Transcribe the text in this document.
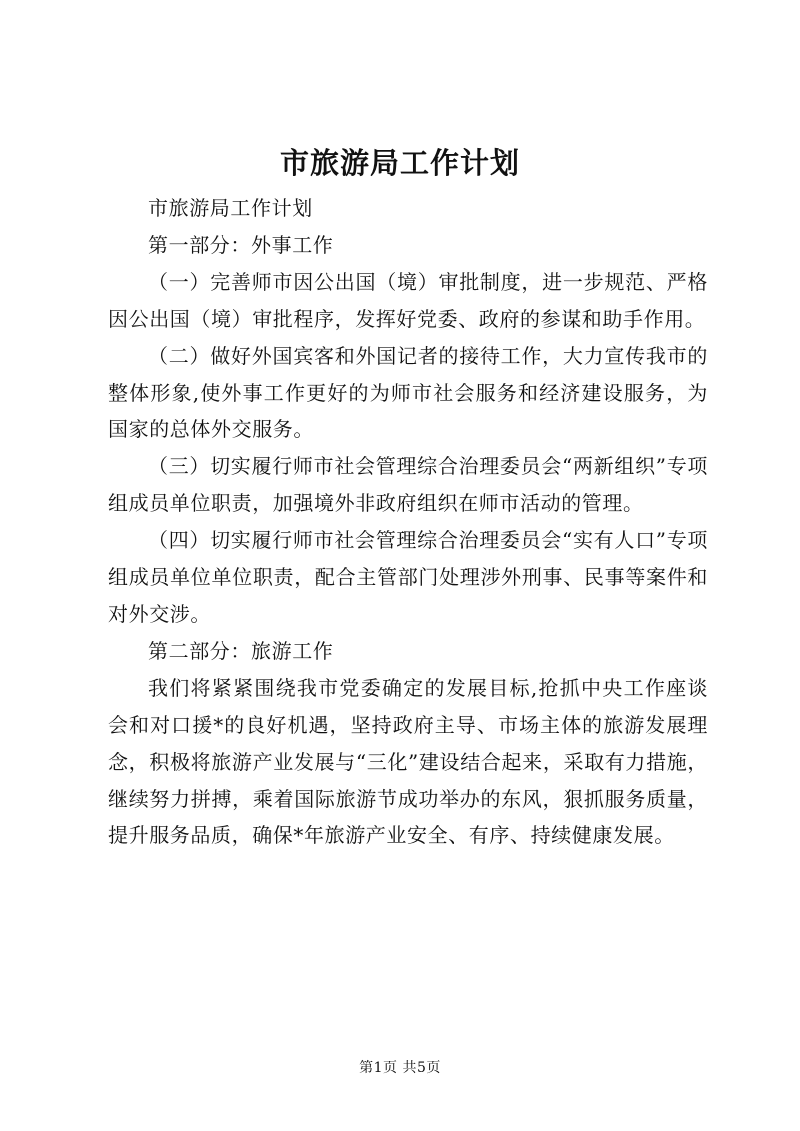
市旅游局工作计划

市旅游局工作计划

第一部分：外事工作

（一）完善师市因公出国（境）审批制度，进一步规范、严格因公出国（境）审批程序，发挥好党委、政府的参谋和助手作用。

（二）做好外国宾客和外国记者的接待工作，大力宣传我市的整体形象,使外事工作更好的为师市社会服务和经济建设服务，为国家的总体外交服务。

（三）切实履行师市社会管理综合治理委员会“两新组织”专项组成员单位职责，加强境外非政府组织在师市活动的管理。

（四）切实履行师市社会管理综合治理委员会“实有人口”专项组成员单位单位职责，配合主管部门处理涉外刑事、民事等案件和对外交涉。

第二部分：旅游工作

我们将紧紧围绕我市党委确定的发展目标,抢抓中央工作座谈会和对口援*的良好机遇，坚持政府主导、市场主体的旅游发展理念，积极将旅游产业发展与“三化”建设结合起来，采取有力措施，继续努力拼搏，乘着国际旅游节成功举办的东风，狠抓服务质量，提升服务品质，确保*年旅游产业安全、有序、持续健康发展。

第1页 共5页
